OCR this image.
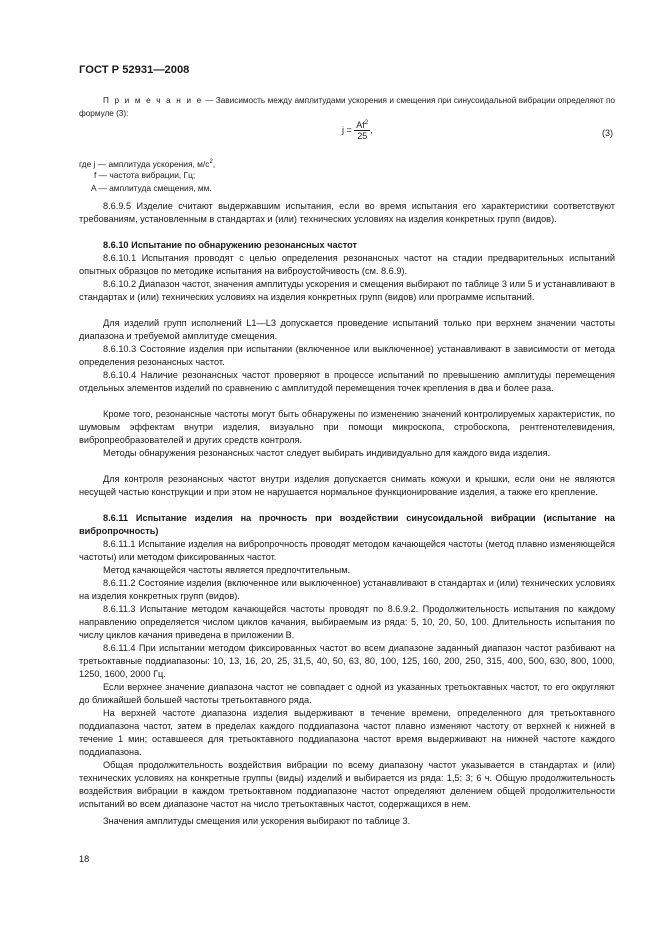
ГОСТ Р 52931—2008
П р и м е ч а н и е — Зависимость между амплитудами ускорения и смещения при синусоидальной вибрации определяют по формуле (3):
$j = \frac{Af^2}{25}$ ,	(3)
где j — амплитуда ускорения, $м/с^2$,
f — частота вибрации, Гц;
A — амплитуда смещения, мм.
8.6.9.5 Изделие считают выдержавшим испытания, если во время испытания его характеристики соответствуют требованиям, установленным в стандартах и (или) технических условиях на изделия конкретных групп (видов).
8.6.10 Испытание по обнаружению резонансных частот
8.6.10.1 Испытания проводят с целью определения резонансных частот на стадии предварительных испытаний опытных образцов по методике испытания на виброустойчивость (см. 8.6.9).
8.6.10.2 Диапазон частот, значения амплитуды ускорения и смещения выбирают по таблице 3 или 5 и устанавливают в стандартах и (или) технических условиях на изделия конкретных групп (видов) или программе испытаний.
Для изделий групп исполнений L1—L3 допускается проведение испытаний только при верхнем значении частоты диапазона и требуемой амплитуде смещения.
8.6.10.3 Состояние изделия при испытании (включенное или выключенное) устанавливают в зависимости от метода определения резонансных частот.
8.6.10.4 Наличие резонансных частот проверяют в процессе испытаний по превышению амплитуды перемещения отдельных элементов изделий по сравнению с амплитудой перемещения точек крепления в два и более раза.
Кроме того, резонансные частоты могут быть обнаружены по изменению значений контролируемых характеристик, по шумовым эффектам внутри изделия, визуально при помощи микроскопа, стробоскопа, рентгенотелевидения, вибропреобразователей и других средств контроля.
Методы обнаружения резонансных частот следует выбирать индивидуально для каждого вида изделия.
Для контроля резонансных частот внутри изделия допускается снимать кожухи и крышки, если они не являются несущей частью конструкции и при этом не нарушается нормальное функционирование изделия, а также его крепление.
8.6.11 Испытание изделия на прочность при воздействии синусоидальной вибрации (испытание на вибропрочность)
8.6.11.1 Испытание изделия на вибропрочность проводят методом качающейся частоты (метод плавно изменяющейся частоты) или методом фиксированных частот.
Метод качающейся частоты является предпочтительным.
8.6.11.2 Состояние изделия (включенное или выключенное) устанавливают в стандартах и (или) технических условиях на изделия конкретных групп (видов).
8.6.11.3 Испытание методом качающейся частоты проводят по 8.6.9.2. Продолжительность испытания по каждому направлению определяется числом циклов качания, выбираемым из ряда: 5, 10, 20, 50, 100. Длительность испытания по числу циклов качания приведена в приложении В.
8.6.11.4 При испытании методом фиксированных частот во всем диапазоне заданный диапазон частот разбивают на третьоктавные поддиапазоны: 10, 13, 16, 20, 25, 31,5, 40, 50, 63, 80, 100, 125, 160, 200, 250, 315, 400, 500, 630, 800, 1000, 1250, 1600, 2000 Гц.
Если верхнее значение диапазона частот не совпадает с одной из указанных третьоктавных частот, то его округляют до ближайшей большей частоты третьоктавного ряда.
На верхней частоте диапазона изделия выдерживают в течение времени, определенного для третьоктавного поддиапазона частот, затем в пределах каждого поддиапазона частот плавно изменяют частоту от верхней к нижней в течение 1 мин; оставшееся для третьоктавного поддиапазона частот время выдерживают на нижней частоте каждого поддиапазона.
Общая продолжительность воздействия вибрации по всему диапазону частот указывается в стандартах и (или) технических условиях на конкретные группы (виды) изделий и выбирается из ряда: 1,5; 3; 6 ч. Общую продолжительность воздействия вибрации в каждом третьоктавном поддиапазоне частот определяют делением общей продолжительности испытаний во всем диапазоне частот на число третьоктавных частот, содержащихся в нем.
Значения амплитуды смещения или ускорения выбирают по таблице 3.
18
